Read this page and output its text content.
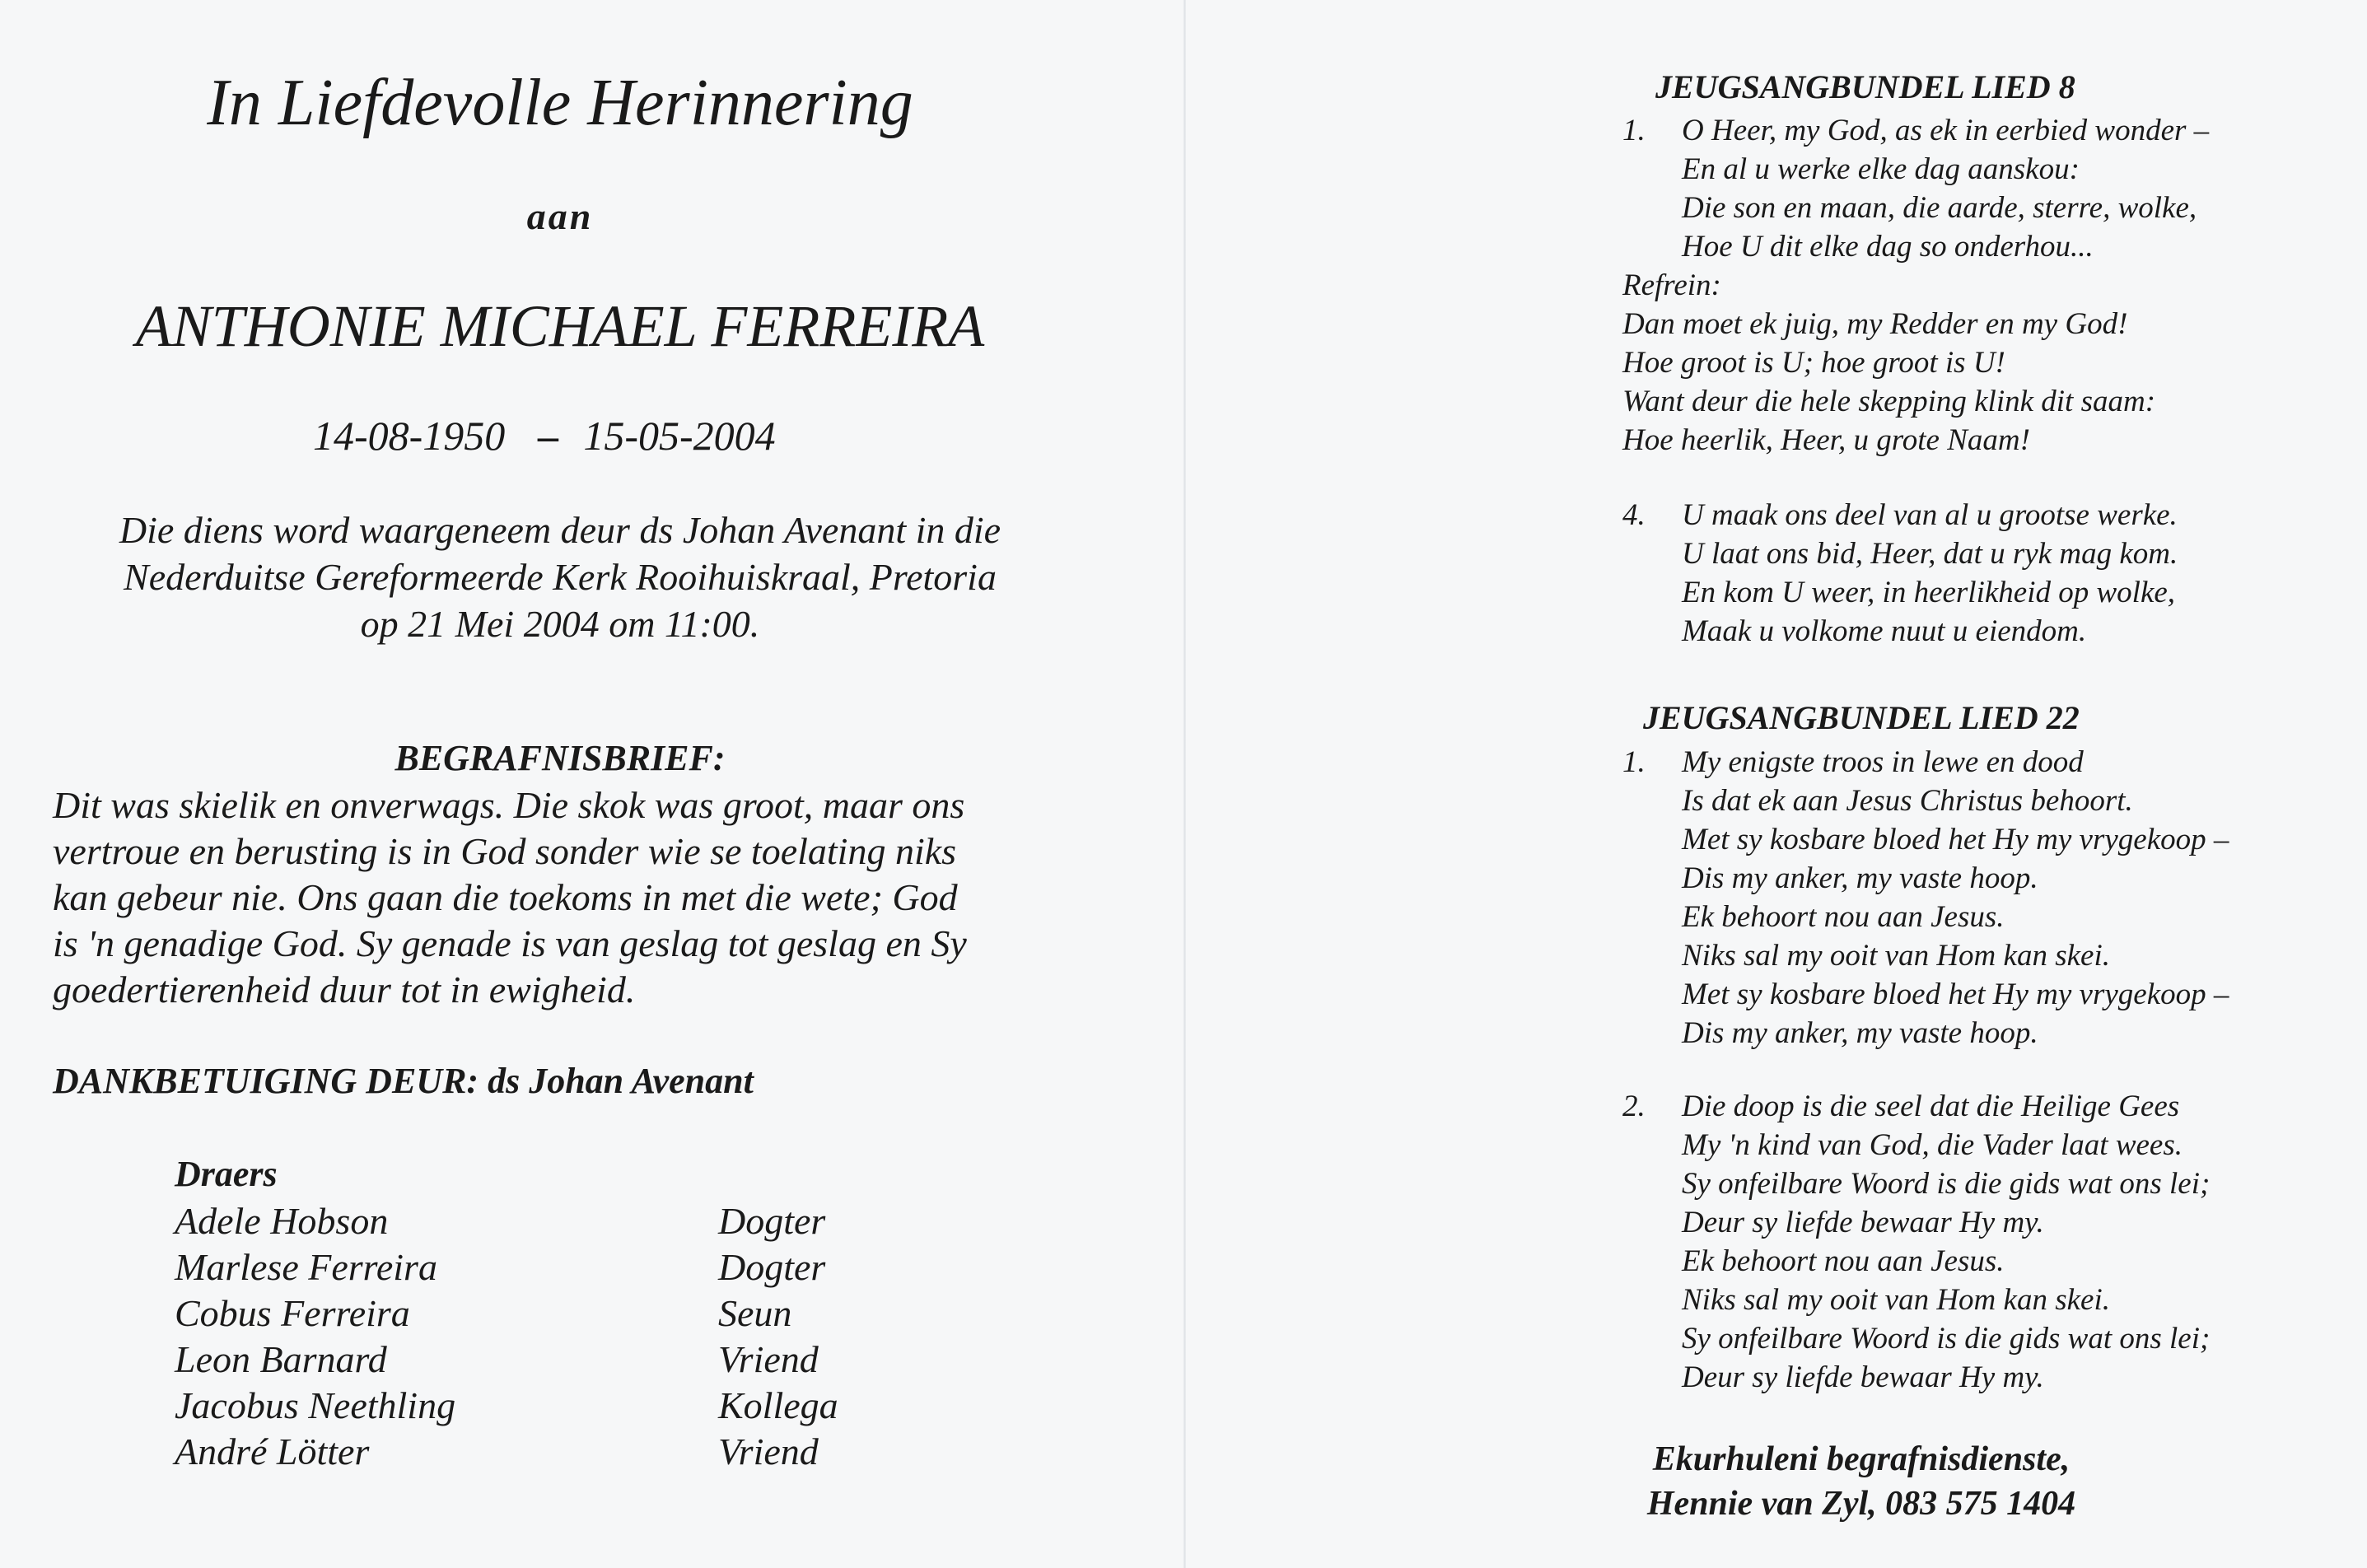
In Liefdevolle Herinnering
aan
ANTHONIE MICHAEL FERREIRA
14-08-1950 – 15-05-2004
Die diens word waargeneem deur ds Johan Avenant in die
Nederduitse Gereformeerde Kerk Rooihuiskraal, Pretoria
op 21 Mei 2004 om 11:00.
BEGRAFNISBRIEF:
Dit was skielik en onverwags. Die skok was groot, maar ons
vertroue en berusting is in God sonder wie se toelating niks
kan gebeur nie. Ons gaan die toekoms in met die wete; God
is 'n genadige God. Sy genade is van geslag tot geslag en Sy
goedertierenheid duur tot in ewigheid.
DANKBETUIGING DEUR: ds Johan Avenant
Draers
Adele Hobson	Dogter
Marlese Ferreira	Dogter
Cobus Ferreira	Seun
Leon Barnard	Vriend
Jacobus Neethling	Kollega
André Lötter	Vriend
JEUGSANGBUNDEL LIED 8
1. O Heer, my God, as ek in eerbied wonder –
En al u werke elke dag aanskou:
Die son en maan, die aarde, sterre, wolke,
Hoe U dit elke dag so onderhou...
Refrein:
Dan moet ek juig, my Redder en my God!
Hoe groot is U; hoe groot is U!
Want deur die hele skepping klink dit saam:
Hoe heerlik, Heer, u grote Naam!
4. U maak ons deel van al u grootse werke.
U laat ons bid, Heer, dat u ryk mag kom.
En kom U weer, in heerlikheid op wolke,
Maak u volkome nuut u eiendom.
JEUGSANGBUNDEL LIED 22
1. My enigste troos in lewe en dood
Is dat ek aan Jesus Christus behoort.
Met sy kosbare bloed het Hy my vrygekoop –
Dis my anker, my vaste hoop.
Ek behoort nou aan Jesus.
Niks sal my ooit van Hom kan skei.
Met sy kosbare bloed het Hy my vrygekoop –
Dis my anker, my vaste hoop.
2. Die doop is die seel dat die Heilige Gees
My 'n kind van God, die Vader laat wees.
Sy onfeilbare Woord is die gids wat ons lei;
Deur sy liefde bewaar Hy my.
Ek behoort nou aan Jesus.
Niks sal my ooit van Hom kan skei.
Sy onfeilbare Woord is die gids wat ons lei;
Deur sy liefde bewaar Hy my.
Ekurhuleni begrafnisdienste,
Hennie van Zyl, 083 575 1404
